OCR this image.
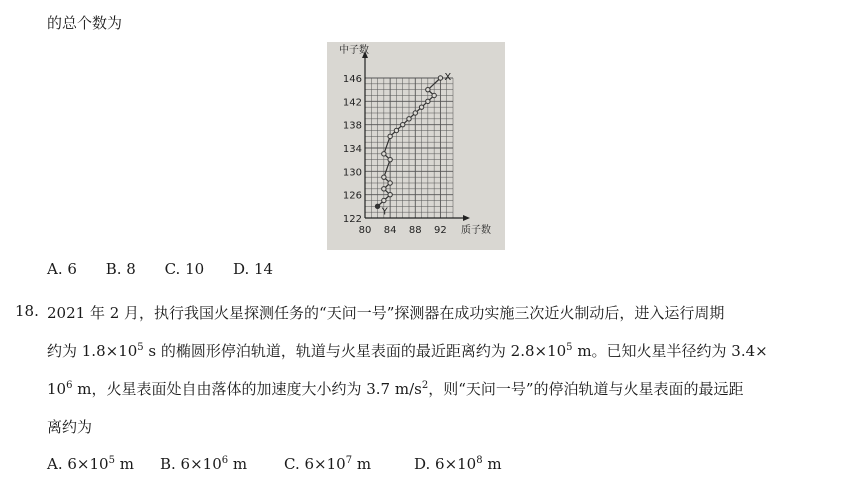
的总个数为
122
126
130
134
138
142
146
80 84 88 92
中子数
质子数
X
Y
A. 6 B. 8 C. 10 D. 14
18. 2021 年 2 月，执行我国火星探测任务的“天问一号”探测器在成功实施三次近火制动后，进入运行周期
约为 $1.8\times 10^5$ s 的椭圆形停泊轨道，轨道与火星表面的最近距离约为 $2.8\times 10^5$ m。已知火星半径约为 3.4×
$10^6$ m，火星表面处自由落体的加速度大小约为 3.7 $m/s^2$，则“天问一号”的停泊轨道与火星表面的最远距
离约为
A. $6\times 10^5$ m B. $6\times 10^6$ m C. $6\times 10^7$ m	D. $6\times 10^8$ m
